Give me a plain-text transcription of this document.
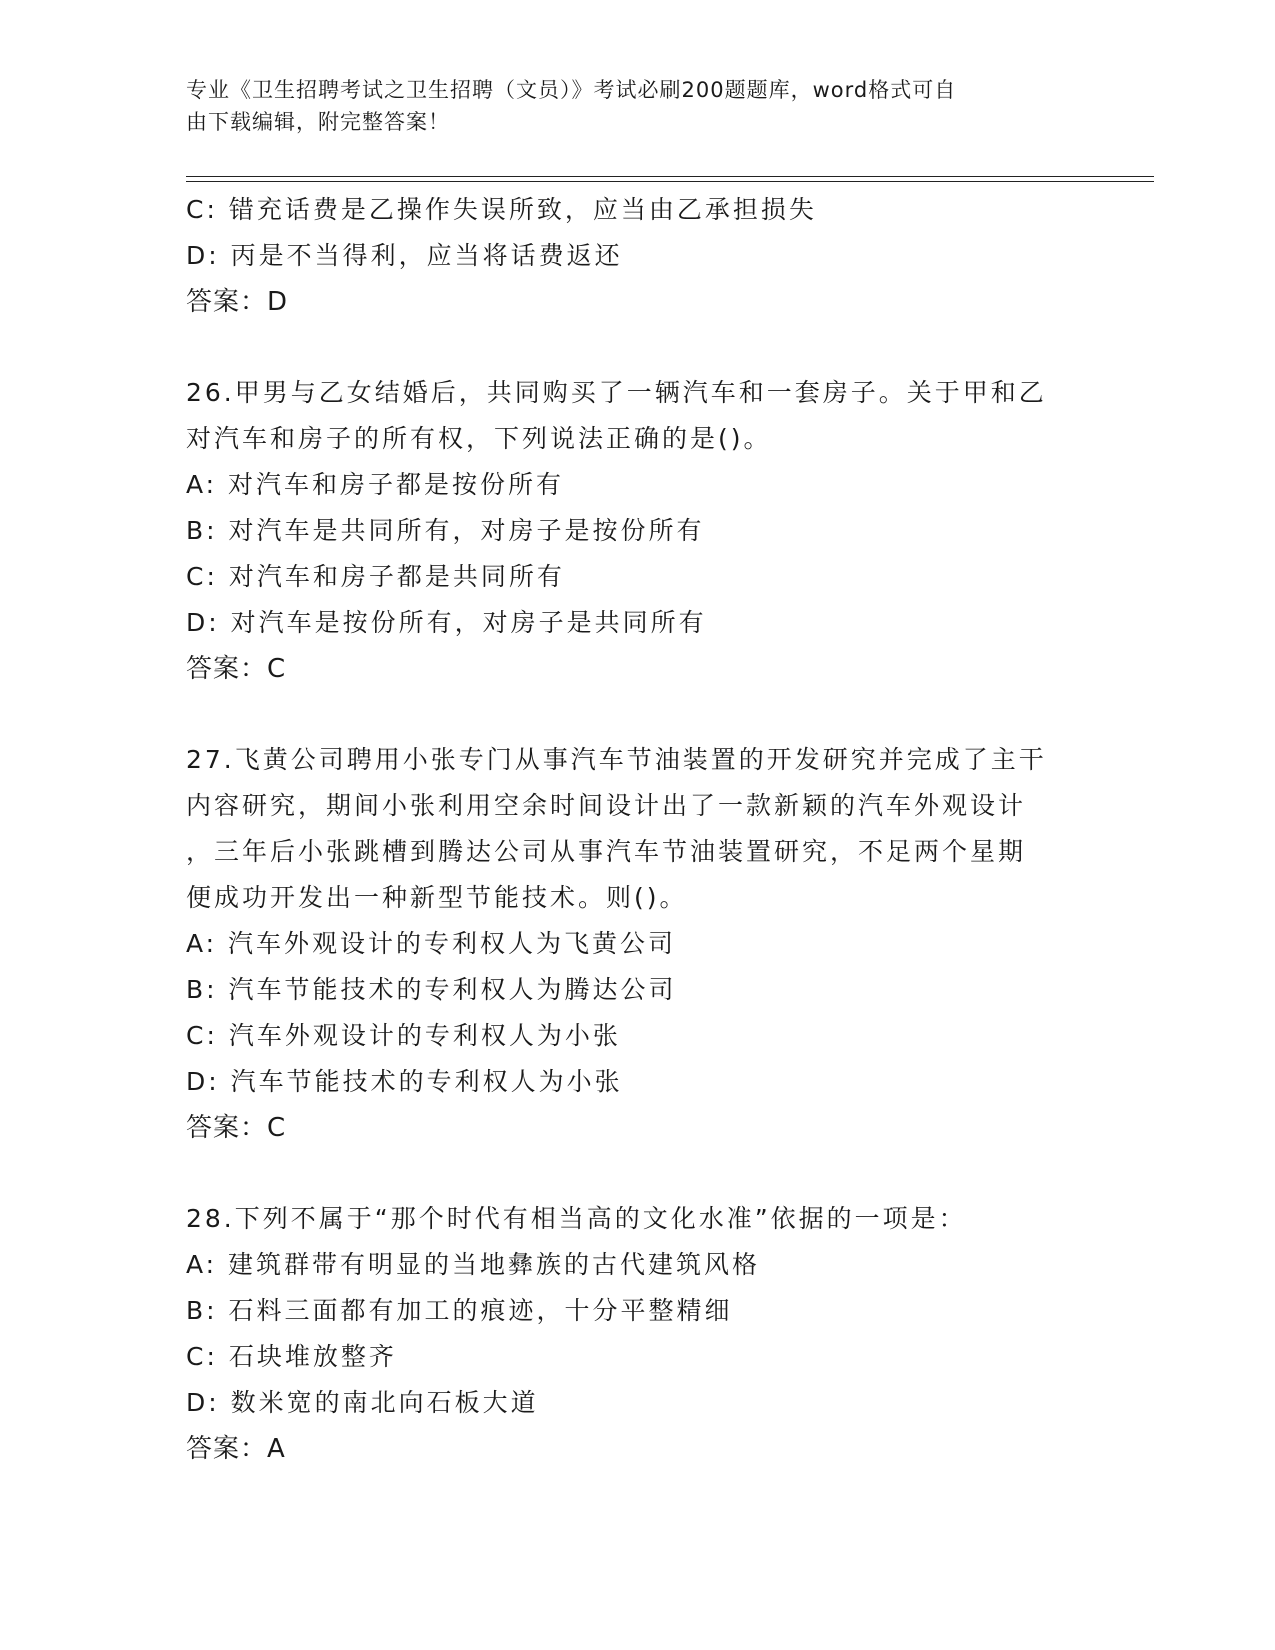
专业《卫生招聘考试之卫生招聘（文员）》考试必刷200题题库，word格式可自
由下载编辑，附完整答案！
C: 错充话费是乙操作失误所致，应当由乙承担损失
D: 丙是不当得利，应当将话费返还
答案：D
26.甲男与乙女结婚后，共同购买了一辆汽车和一套房子。关于甲和乙
对汽车和房子的所有权，下列说法正确的是()。
A: 对汽车和房子都是按份所有
B: 对汽车是共同所有，对房子是按份所有
C: 对汽车和房子都是共同所有
D: 对汽车是按份所有，对房子是共同所有
答案：C
27.飞黄公司聘用小张专门从事汽车节油装置的开发研究并完成了主干
内容研究，期间小张利用空余时间设计出了一款新颖的汽车外观设计
，三年后小张跳槽到腾达公司从事汽车节油装置研究，不足两个星期
便成功开发出一种新型节能技术。则()。
A: 汽车外观设计的专利权人为飞黄公司
B: 汽车节能技术的专利权人为腾达公司
C: 汽车外观设计的专利权人为小张
D: 汽车节能技术的专利权人为小张
答案：C
28.下列不属于“那个时代有相当高的文化水准”依据的一项是：
A: 建筑群带有明显的当地彝族的古代建筑风格
B: 石料三面都有加工的痕迹，十分平整精细
C: 石块堆放整齐
D: 数米宽的南北向石板大道
答案：A
